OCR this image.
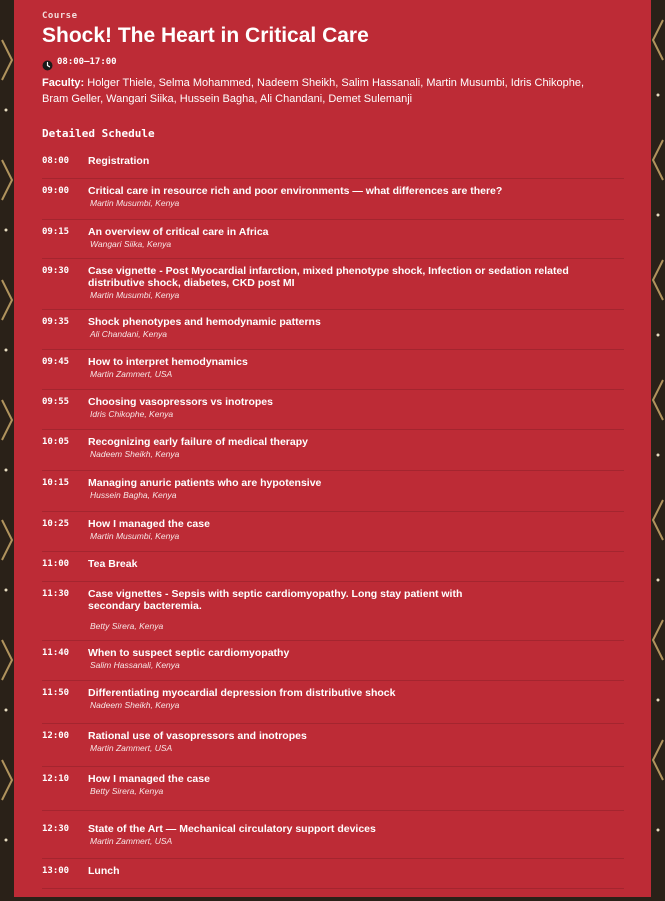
Course
Shock! The Heart in Critical Care
08:00—17:00
Faculty: Holger Thiele, Selma Mohammed, Nadeem Sheikh, Salim Hassanali, Martin Musumbi, Idris Chikophe, Bram Geller, Wangari Siika, Hussein Bagha, Ali Chandani, Demet Sulemanji
Detailed Schedule
08:00 Registration
09:00 Critical care in resource rich and poor environments — what differences are there?
Martin Musumbi, Kenya
09:15 An overview of critical care in Africa
Wangari Siika, Kenya
09:30 Case vignette - Post Myocardial infarction, mixed phenotype shock, Infection or sedation related distributive shock, diabetes, CKD post MI
Martin Musumbi, Kenya
09:35 Shock phenotypes and hemodynamic patterns
Ali Chandani, Kenya
09:45 How to interpret hemodynamics
Martin Zammert, USA
09:55 Choosing vasopressors vs inotropes
Idris Chikophe, Kenya
10:05 Recognizing early failure of medical therapy
Nadeem Sheikh, Kenya
10:15 Managing anuric patients who are hypotensive
Hussein Bagha, Kenya
10:25 How I managed the case
Martin Musumbi, Kenya
11:00 Tea Break
11:30 Case vignettes - Sepsis with septic cardiomyopathy. Long stay patient with secondary bacteremia.
Betty Sirera, Kenya
11:40 When to suspect septic cardiomyopathy
Salim Hassanali, Kenya
11:50 Differentiating myocardial depression from distributive shock
Nadeem Sheikh, Kenya
12:00 Rational use of vasopressors and inotropes
Martin Zammert, USA
12:10 How I managed the case
Betty Sirera, Kenya
12:30 State of the Art — Mechanical circulatory support devices
Martin Zammert, USA
13:00 Lunch
